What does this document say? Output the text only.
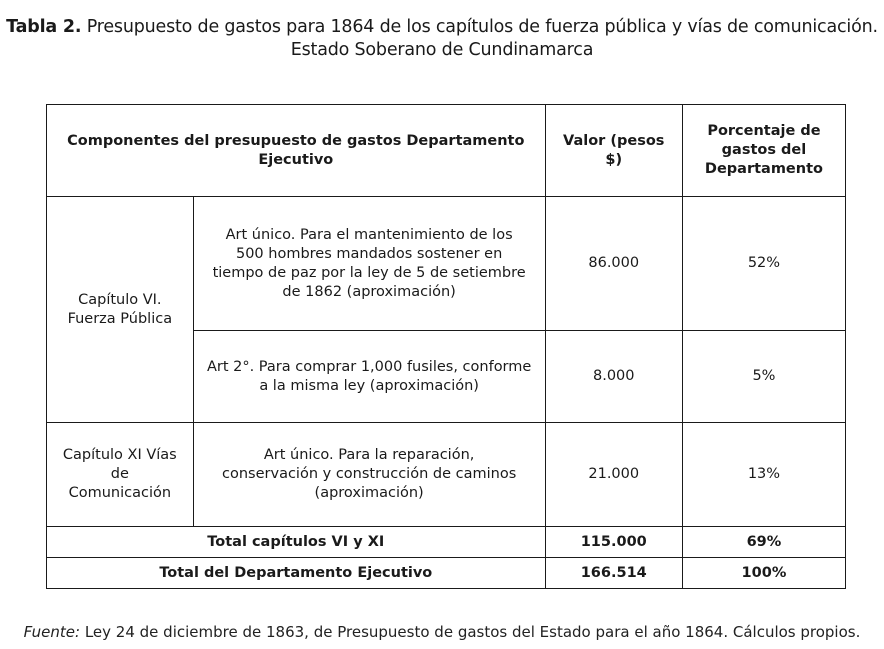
Tabla 2. Presupuesto de gastos para 1864 de los capítulos de fuerza pública y vías de comunicación.
Estado Soberano de Cundinamarca
Componentes del presupuesto de gastos Departamento Ejecutivo		Valor (pesos $)	Porcentaje de gastos del Departamento
Capítulo VI. Fuerza Pública	Art único. Para el mantenimiento de los 500 hombres mandados sostener en tiempo de paz por la ley de 5 de setiembre de 1862 (aproximación)	86.000	52%
	Art 2°. Para comprar 1,000 fusiles, conforme a la misma ley (aproximación)	8.000	5%
Capítulo XI Vías de Comunicación	Art único. Para la reparación, conservación y construcción de caminos (aproximación)	21.000	13%
Total capítulos VI y XI		115.000	69%
Total del Departamento Ejecutivo		166.514	100%
Fuente: Ley 24 de diciembre de 1863, de Presupuesto de gastos del Estado para el año 1864. Cálculos propios.
